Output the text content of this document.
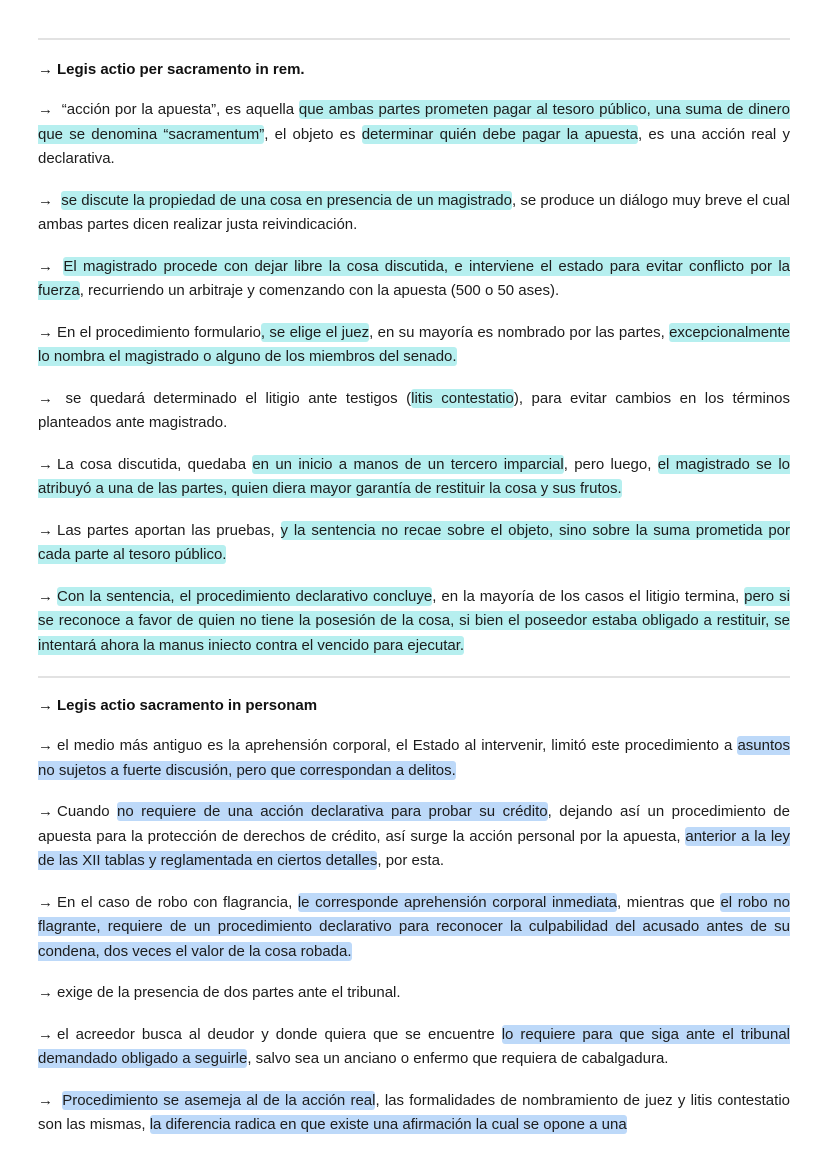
→ Legis actio per sacramento in rem.

→ “acción por la apuesta”, es aquella que ambas partes prometen pagar al tesoro público, una suma de dinero que se denomina “sacramentum”, el objeto es determinar quién debe pagar la apuesta, es una acción real y declarativa.

→ se discute la propiedad de una cosa en presencia de un magistrado, se produce un diálogo muy breve el cual ambas partes dicen realizar justa reivindicación.

→ El magistrado procede con dejar libre la cosa discutida, e interviene el estado para evitar conflicto por la fuerza, recurriendo un arbitraje y comenzando con la apuesta (500 o 50 ases).

→ En el procedimiento formulario, se elige el juez, en su mayoría es nombrado por las partes, excepcionalmente lo nombra el magistrado o alguno de los miembros del senado.

→ se quedará determinado el litigio ante testigos (litis contestatio), para evitar cambios en los términos planteados ante magistrado.

→ La cosa discutida, quedaba en un inicio a manos de un tercero imparcial, pero luego, el magistrado se lo atribuyó a una de las partes, quien diera mayor garantía de restituir la cosa y sus frutos.

→ Las partes aportan las pruebas, y la sentencia no recae sobre el objeto, sino sobre la suma prometida por cada parte al tesoro público.

→ Con la sentencia, el procedimiento declarativo concluye, en la mayoría de los casos el litigio termina, pero si se reconoce a favor de quien no tiene la posesión de la cosa, si bien el poseedor estaba obligado a restituir, se intentará ahora la manus iniecto contra el vencido para ejecutar.

→ Legis actio sacramento in personam

→ el medio más antiguo es la aprehensión corporal, el Estado al intervenir, limitó este procedimiento a asuntos no sujetos a fuerte discusión, pero que correspondan a delitos.

→ Cuando no requiere de una acción declarativa para probar su crédito, dejando así un procedimiento de apuesta para la protección de derechos de crédito, así surge la acción personal por la apuesta, anterior a la ley de las XII tablas y reglamentada en ciertos detalles, por esta.

→ En el caso de robo con flagrancia, le corresponde aprehensión corporal inmediata, mientras que el robo no flagrante, requiere de un procedimiento declarativo para reconocer la culpabilidad del acusado antes de su condena, dos veces el valor de la cosa robada.

→ exige de la presencia de dos partes ante el tribunal.

→ el acreedor busca al deudor y donde quiera que se encuentre lo requiere para que siga ante el tribunal demandado obligado a seguirle, salvo sea un anciano o enfermo que requiera de cabalgadura.

→ Procedimiento se asemeja al de la acción real, las formalidades de nombramiento de juez y litis contestatio son las mismas, la diferencia radica en que existe una afirmación la cual se opone a una
